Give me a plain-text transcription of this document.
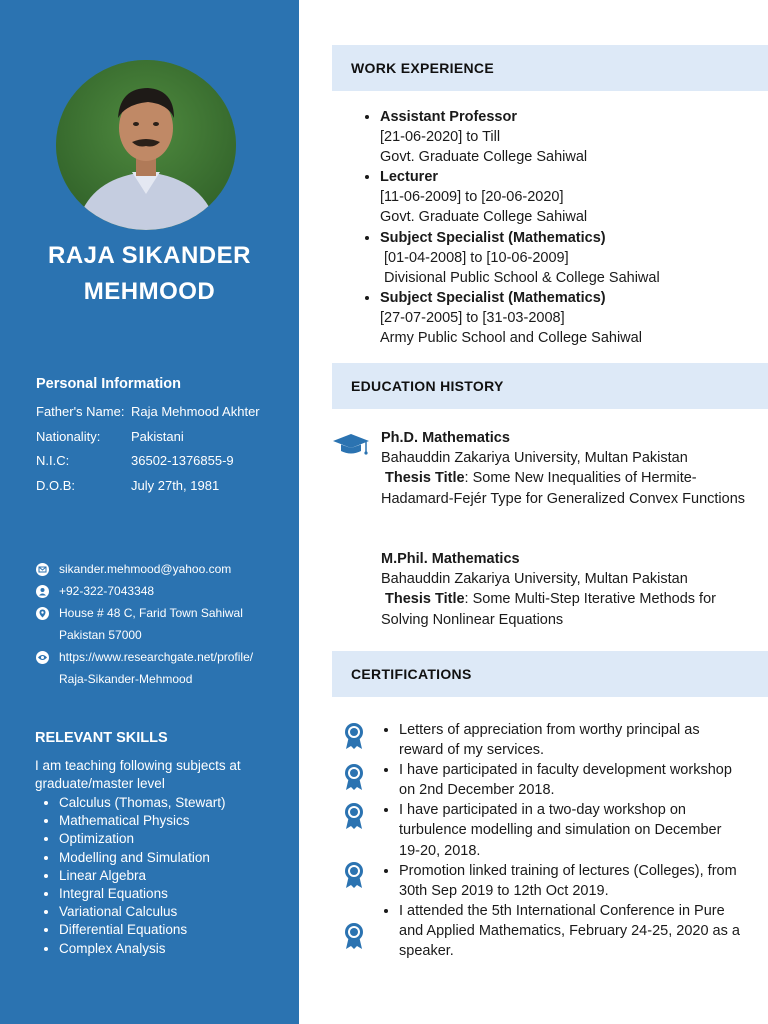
RAJA SIKANDER
MEHMOOD
Personal Information
Father's Name: Raja Mehmood Akhter
Nationality: Pakistani
N.I.C:	36502-1376855-9
D.O.B:	July 27th, 1981
sikander.mehmood@yahoo.com
+92-322-7043348
House # 48 C, Farid Town Sahiwal
Pakistan 57000
https://www.researchgate.net/profile/
Raja-Sikander-Mehmood
RELEVANT SKILLS
I am teaching following subjects at graduate/master level
• Calculus (Thomas, Stewart)
• Mathematical Physics
• Optimization
• Modelling and Simulation
• Linear Algebra
• Integral Equations
• Variational Calculus
• Differential Equations
• Complex Analysis
WORK EXPERIENCE
• Assistant Professor
[21-06-2020] to Till
Govt. Graduate College Sahiwal
• Lecturer
[11-06-2009] to [20-06-2020]
Govt. Graduate College Sahiwal
• Subject Specialist (Mathematics)
[01-04-2008] to [10-06-2009]
Divisional Public School & College Sahiwal
• Subject Specialist (Mathematics)
[27-07-2005] to [31-03-2008]
Army Public School and College Sahiwal
EDUCATION HISTORY
Ph.D. Mathematics
Bahauddin Zakariya University, Multan Pakistan
Thesis Title: Some New Inequalities of Hermite-Hadamard-Fejér Type for Generalized Convex Functions
M.Phil. Mathematics
Bahauddin Zakariya University, Multan Pakistan
Thesis Title: Some Multi-Step Iterative Methods for Solving Nonlinear Equations
CERTIFICATIONS
• Letters of appreciation from worthy principal as reward of my services.
• I have participated in faculty development workshop on 2nd December 2018.
• I have participated in a two-day workshop on turbulence modelling and simulation on December 19-20, 2018.
• Promotion linked training of lectures (Colleges), from 30th Sep 2019 to 12th Oct 2019.
• I attended the 5th International Conference in Pure and Applied Mathematics, February 24-25, 2020 as a speaker.
